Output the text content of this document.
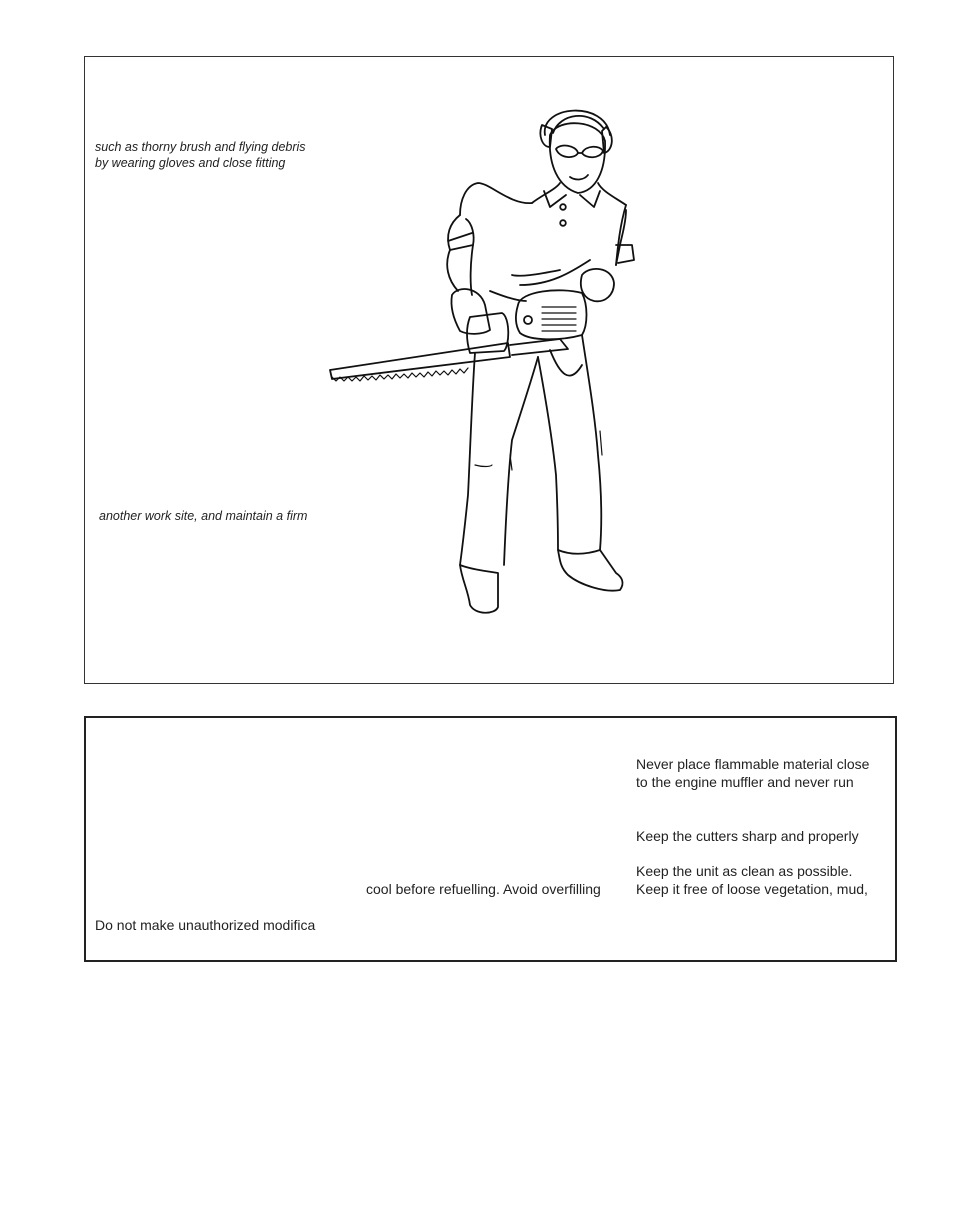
such as thorny brush and flying debris
by wearing gloves and close fitting
another work site, and maintain a firm
Never place flammable material close
to the engine muffler and never run
Keep the cutters sharp and properly
Keep the unit as clean as possible.
Keep it free of loose vegetation, mud,
cool before refuelling. Avoid overfilling
Do not make unauthorized modifica
